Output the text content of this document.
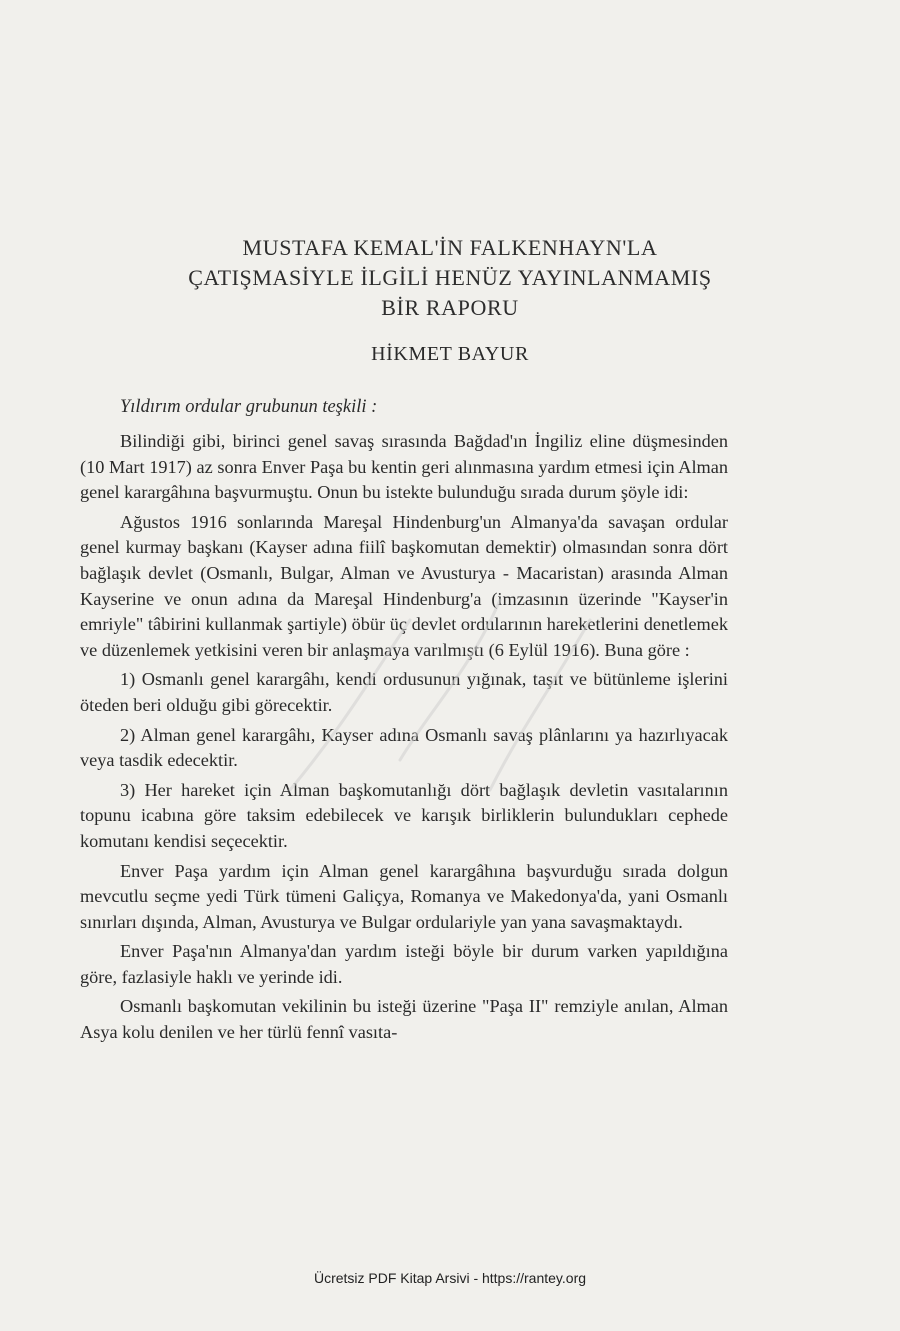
MUSTAFA KEMAL'İN FALKENHAYN'LA
ÇATIŞMASİYLE İLGİLİ HENÜZ YAYINLANMAMIŞ
BİR RAPORU
HİKMET BAYUR
Yıldırım ordular grubunun teşkili :

Bilindiği gibi, birinci genel savaş sırasında Bağdad'ın İngiliz eline düşmesinden (10 Mart 1917) az sonra Enver Paşa bu kentin geri alınmasına yardım etmesi için Alman genel karargâhına başvurmuştu. Onun bu istekte bulunduğu sırada durum şöyle idi:

Ağustos 1916 sonlarında Mareşal Hindenburg'un Almanya'da savaşan ordular genel kurmay başkanı (Kayser adına fiilî başkomutan demektir) olmasından sonra dört bağlaşık devlet (Osmanlı, Bulgar, Alman ve Avusturya - Macaristan) arasında Alman Kayserine ve onun adına da Mareşal Hindenburg'a (imzasının üzerinde "Kayser'in emriyle" tâbirini kullanmak şartiyle) öbür üç devlet ordularının hareketlerini denetlemek ve düzenlemek yetkisini veren bir anlaşmaya varılmıştı (6 Eylül 1916). Buna göre :

1) Osmanlı genel karargâhı, kendi ordusunun yığınak, taşıt ve bütünleme işlerini öteden beri olduğu gibi görecektir.

2) Alman genel karargâhı, Kayser adına Osmanlı savaş plânlarını ya hazırlıyacak veya tasdik edecektir.

3) Her hareket için Alman başkomutanlığı dört bağlaşık devletin vasıtalarının topunu icabına göre taksim edebilecek ve karışık birliklerin bulundukları cephede komutanı kendisi seçecektir.

Enver Paşa yardım için Alman genel karargâhına başvurduğu sırada dolgun mevcutlu seçme yedi Türk tümeni Galiçya, Romanya ve Makedonya'da, yani Osmanlı sınırları dışında, Alman, Avusturya ve Bulgar ordulariyle yan yana savaşmaktaydı.

Enver Paşa'nın Almanya'dan yardım isteği böyle bir durum varken yapıldığına göre, fazlasiyle haklı ve yerinde idi.

Osmanlı başkomutan vekilinin bu isteği üzerine "Paşa II" remziyle anılan, Alman Asya kolu denilen ve her türlü fennî vasıta-

Ücretsiz PDF Kitap Arsivi - https://rantey.org
